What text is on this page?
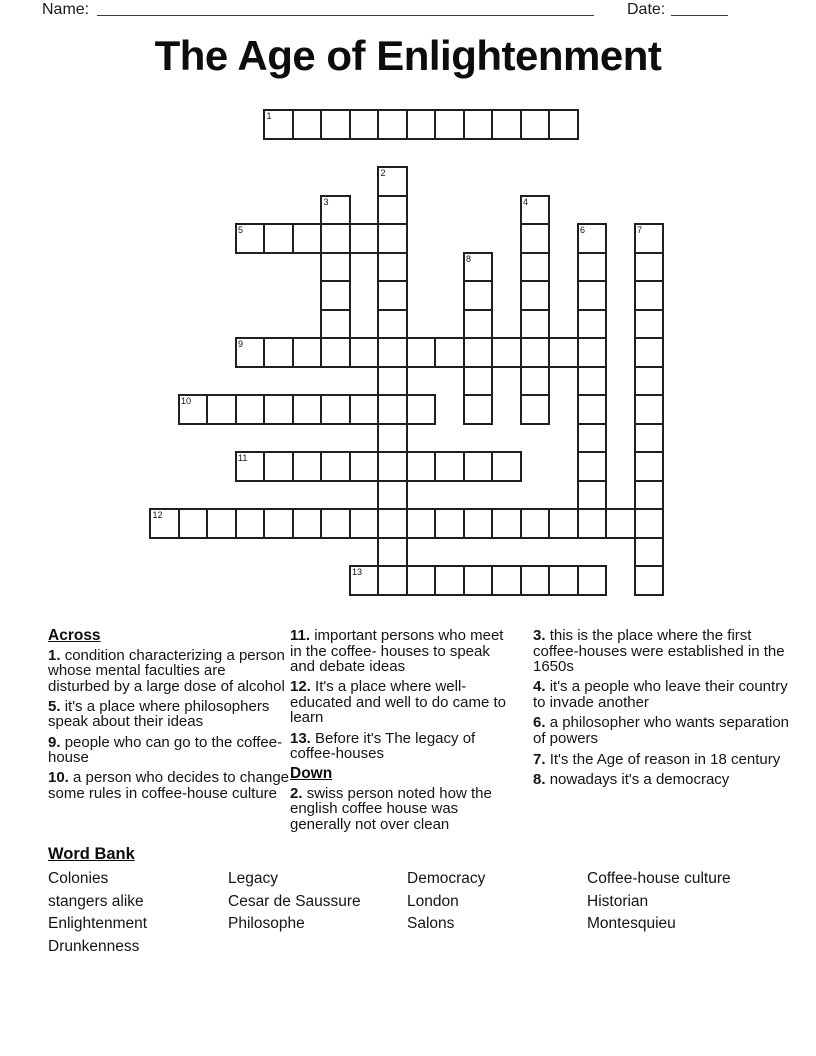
Name:	Date:
The Age of Enlightenment
1
2
3	4
5	6	7
8
9
10
11
12
13
Across

1. condition characterizing a person whose mental faculties are disturbed by a large dose of alcohol

5. it's a place where philosophers speak about their ideas

9. people who can go to the coffee-house

10. a person who decides to change some rules in coffee-house culture

11. important persons who meet in the coffee- houses to speak and debate ideas

12. It's a place where well-educated and well to do came to learn

13. Before it's The legacy of coffee-houses

Down

2. swiss person noted how the english coffee house was generally not over clean

3. this is the place where the first coffee-houses were established in the 1650s

4. it's a people who leave their country to invade another

6. a philosopher who wants separation of powers

7. It's the Age of reason in 18 century

8. nowadays it's a democracy

Word Bank
Colonies
stangers alike
Enlightenment
Drunkenness
Legacy
Cesar de Saussure
Philosophe
Democracy
London
Salons
Coffee-house culture
Historian
Montesquieu
